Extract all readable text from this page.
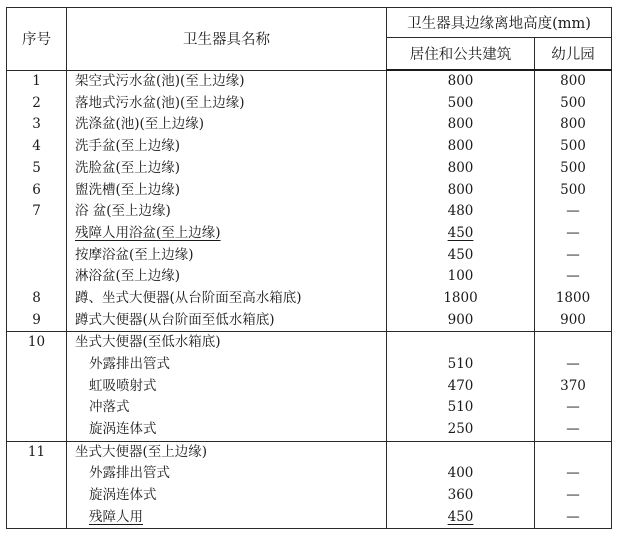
序号	卫生器具名称	卫生器具边缘离地高度(mm)	
		居住和公共建筑	幼儿园
1	架空式污水盆(池)(至上边缘)	800	800
2	落地式污水盆(池)(至上边缘)	500	500
3	洗涤盆(池)(至上边缘)	800	800
4	洗手盆(至上边缘)	800	500
5	洗脸盆(至上边缘)	800	500
6	盥洗槽(至上边缘)	800	500
7	浴 盆(至上边缘)	480	—
	残障人用浴盆(至上边缘)	450	—
	按摩浴盆(至上边缘)	450	—
	淋浴盆(至上边缘)	100	—
8	蹲、坐式大便器(从台阶面至高水箱底)	1800	1800
9	蹲式大便器(从台阶面至低水箱底)	900	900
10	坐式大便器(至低水箱底)		
	外露排出管式	510	—
	虹吸喷射式	470	370
	冲落式	510	—
	旋涡连体式	250	—
11	坐式大便器(至上边缘)		
	外露排出管式	400	—
	旋涡连体式	360	—
	残障人用	450	—
